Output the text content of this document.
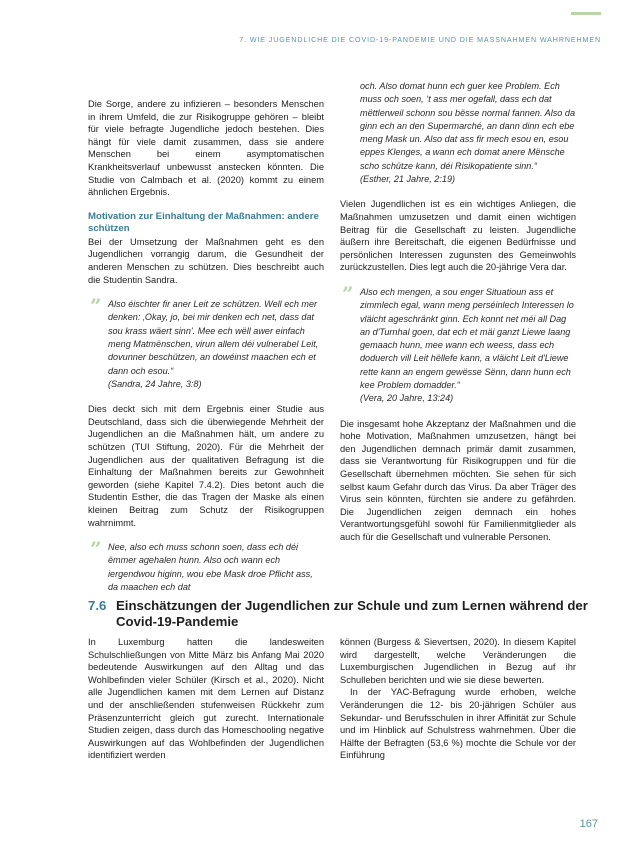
7. WIE JUGENDLICHE DIE COVID-19-PANDEMIE UND DIE MASSNAHMEN WAHRNEHMEN

Die Sorge, andere zu infizieren – besonders Menschen in ihrem Umfeld, die zur Risikogruppe gehören – bleibt für viele befragte Jugendliche jedoch bestehen. Dies hängt für viele damit zusammen, dass sie andere Menschen bei einem asymptomatischen Krankheitsverlauf unbewusst anstecken könnten. Die Studie von Calmbach et al. (2020) kommt zu einem ähnlichen Ergebnis.

Motivation zur Einhaltung der Maßnahmen: andere schützen

Bei der Umsetzung der Maßnahmen geht es den Jugendlichen vorrangig darum, die Gesundheit der anderen Menschen zu schützen. Dies beschreibt auch die Studentin Sandra.

” Also éischter fir aner Leit ze schützen. Well ech mer denken: ‚Okay, jo, bei mir denken ech net, dass dat sou krass wäert sinn'. Mee ech wëll awer einfach meng Matmënschen, virun allem déi vulnerabel Leit, dovunner beschützen, an dowéinst maachen ech et dann och esou.“
(Sandra, 24 Jahre, 3:8)

Dies deckt sich mit dem Ergebnis einer Studie aus Deutschland, dass sich die überwiegende Mehrheit der Jugendlichen an die Maßnahmen hält, um andere zu schützen (TUI Stiftung, 2020). Für die Mehrheit der Jugendlichen aus der qualitativen Befragung ist die Einhaltung der Maßnahmen bereits zur Gewohnheit geworden (siehe Kapitel 7.4.2). Dies betont auch die Studentin Esther, die das Tragen der Maske als einen kleinen Beitrag zum Schutz der Risikogruppen wahrnimmt.

” Nee, also ech muss schonn soen, dass ech déi ëmmer agehalen hunn. Also och wann ech iergendwou higinn, wou ebe Mask droe Pflicht ass, da maachen ech dat
och. Also domat hunn ech guer kee Problem. Ech muss och soen, ‘t ass mer ogefall, dass ech dat mëttlerweil schonn sou bësse normal fannen. Also da ginn ech an den Supermarché, an dann dinn ech ebe meng Mask un. Also dat ass fir mech esou en, esou eppes Klenges, a wann ech domat anere Mënsche scho schütze kann, déi Risikopatiente sinn.“
(Esther, 21 Jahre, 2:19)

Vielen Jugendlichen ist es ein wichtiges Anliegen, die Maßnahmen umzusetzen und damit einen wichtigen Beitrag für die Gesellschaft zu leisten. Jugendliche äußern ihre Bereitschaft, die eigenen Bedürfnisse und persönlichen Interessen zugunsten des Gemeinwohls zurückzustellen. Dies legt auch die 20-jährige Vera dar.

” Also ech mengen, a sou enger Situatioun ass et zimmlech egal, wann meng perséinlech Interessen lo vläicht ageschränkt ginn. Ech konnt net méi all Dag an d'Turnhal goen, dat ech et mäi ganzt Liewe laang gemaach hunn, mee wann ech weess, dass ech doduerch vill Leit hëllefe kann, a vläicht Leit d'Liewe rette kann an engem gewësse Sënn, dann hunn ech kee Problem domadder.“
(Vera, 20 Jahre, 13:24)

Die insgesamt hohe Akzeptanz der Maßnahmen und die hohe Motivation, Maßnahmen umzusetzen, hängt bei den Jugendlichen demnach primär damit zusammen, dass sie Verantwortung für Risikogruppen und für die Gesellschaft übernehmen möchten. Sie sehen für sich selbst kaum Gefahr durch das Virus. Da aber Träger des Virus sein könnten, fürchten sie andere zu gefährden. Die Jugendlichen zeigen demnach ein hohes Verantwortungsgefühl sowohl für Familienmitglieder als auch für die Gesellschaft und vulnerable Personen.

7.6 Einschätzungen der Jugendlichen zur Schule und zum Lernen während der Covid-19-Pandemie

In Luxemburg hatten die landesweiten Schulschließungen von Mitte März bis Anfang Mai 2020 bedeutende Auswirkungen auf den Alltag und das Wohlbefinden vieler Schüler (Kirsch et al., 2020). Nicht alle Jugendlichen kamen mit dem Lernen auf Distanz und der anschließenden stufenweisen Rückkehr zum Präsenzunterricht gleich gut zurecht. Internationale Studien zeigen, dass durch das Homeschooling negative Auswirkungen auf das Wohlbefinden der Jugendlichen identifiziert werden

können (Burgess & Sievertsen, 2020). In diesem Kapitel wird dargestellt, welche Veränderungen die Luxemburgischen Jugendlichen in Bezug auf ihr Schulleben berichten und wie sie diese bewerten.

In der YAC-Befragung wurde erhoben, welche Veränderungen die 12- bis 20-jährigen Schüler aus Sekundar- und Berufsschulen in ihrer Affinität zur Schule und im Hinblick auf Schulstress wahrnehmen. Über die Hälfte der Befragten (53,6 %) mochte die Schule vor der Einführung

167
